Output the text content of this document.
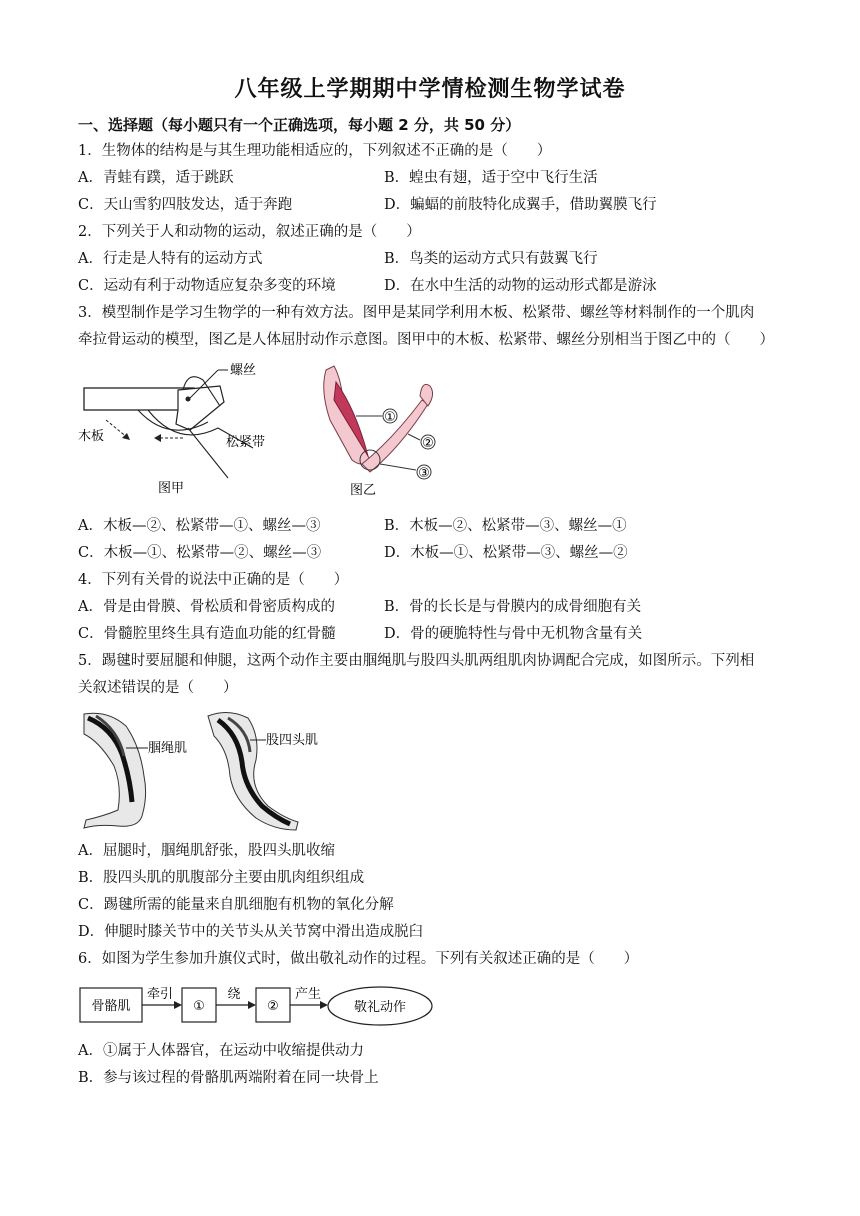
八年级上学期期中学情检测生物学试卷
一、选择题（每小题只有一个正确选项，每小题 2 分，共 50 分）
1．生物体的结构是与其生理功能相适应的，下列叙述不正确的是（　　）
A．青蛙有蹼，适于跳跃	B．蝗虫有翅，适于空中飞行生活
C．天山雪豹四肢发达，适于奔跑	D．蝙蝠的前肢特化成翼手，借助翼膜飞行
2．下列关于人和动物的运动，叙述正确的是（　　）
A．行走是人特有的运动方式	B．鸟类的运动方式只有鼓翼飞行
C．运动有利于动物适应复杂多变的环境	D．在水中生活的动物的运动形式都是游泳
3．模型制作是学习生物学的一种有效方法。图甲是某同学利用木板、松紧带、螺丝等材料制作的一个肌肉
牵拉骨运动的模型，图乙是人体屈肘动作示意图。图甲中的木板、松紧带、螺丝分别相当于图乙中的（　　）
螺丝
木板	松紧带
图甲
①
②
③
图乙
A．木板—②、松紧带—①、螺丝—③	B．木板—②、松紧带—③、螺丝—①
C．木板—①、松紧带—②、螺丝—③	D．木板—①、松紧带—③、螺丝—②
4．下列有关骨的说法中正确的是（　　）
A．骨是由骨膜、骨松质和骨密质构成的	B．骨的长长是与骨膜内的成骨细胞有关
C．骨髓腔里终生具有造血功能的红骨髓	D．骨的硬脆特性与骨中无机物含量有关
5．踢毽时要屈腿和伸腿，这两个动作主要由腘绳肌与股四头肌两组肌肉协调配合完成，如图所示。下列相
关叙述错误的是（　　）
腘绳肌
股四头肌
A．屈腿时，腘绳肌舒张，股四头肌收缩
B．股四头肌的肌腹部分主要由肌肉组织组成
C．踢毽所需的能量来自肌细胞有机物的氧化分解
D．伸腿时膝关节中的关节头从关节窝中滑出造成脱臼
6．如图为学生参加升旗仪式时，做出敬礼动作的过程。下列有关叙述正确的是（　　）
骨骼肌
牵引
①
绕
②
产生
敬礼动作
A．①属于人体器官，在运动中收缩提供动力
B．参与该过程的骨骼肌两端附着在同一块骨上
